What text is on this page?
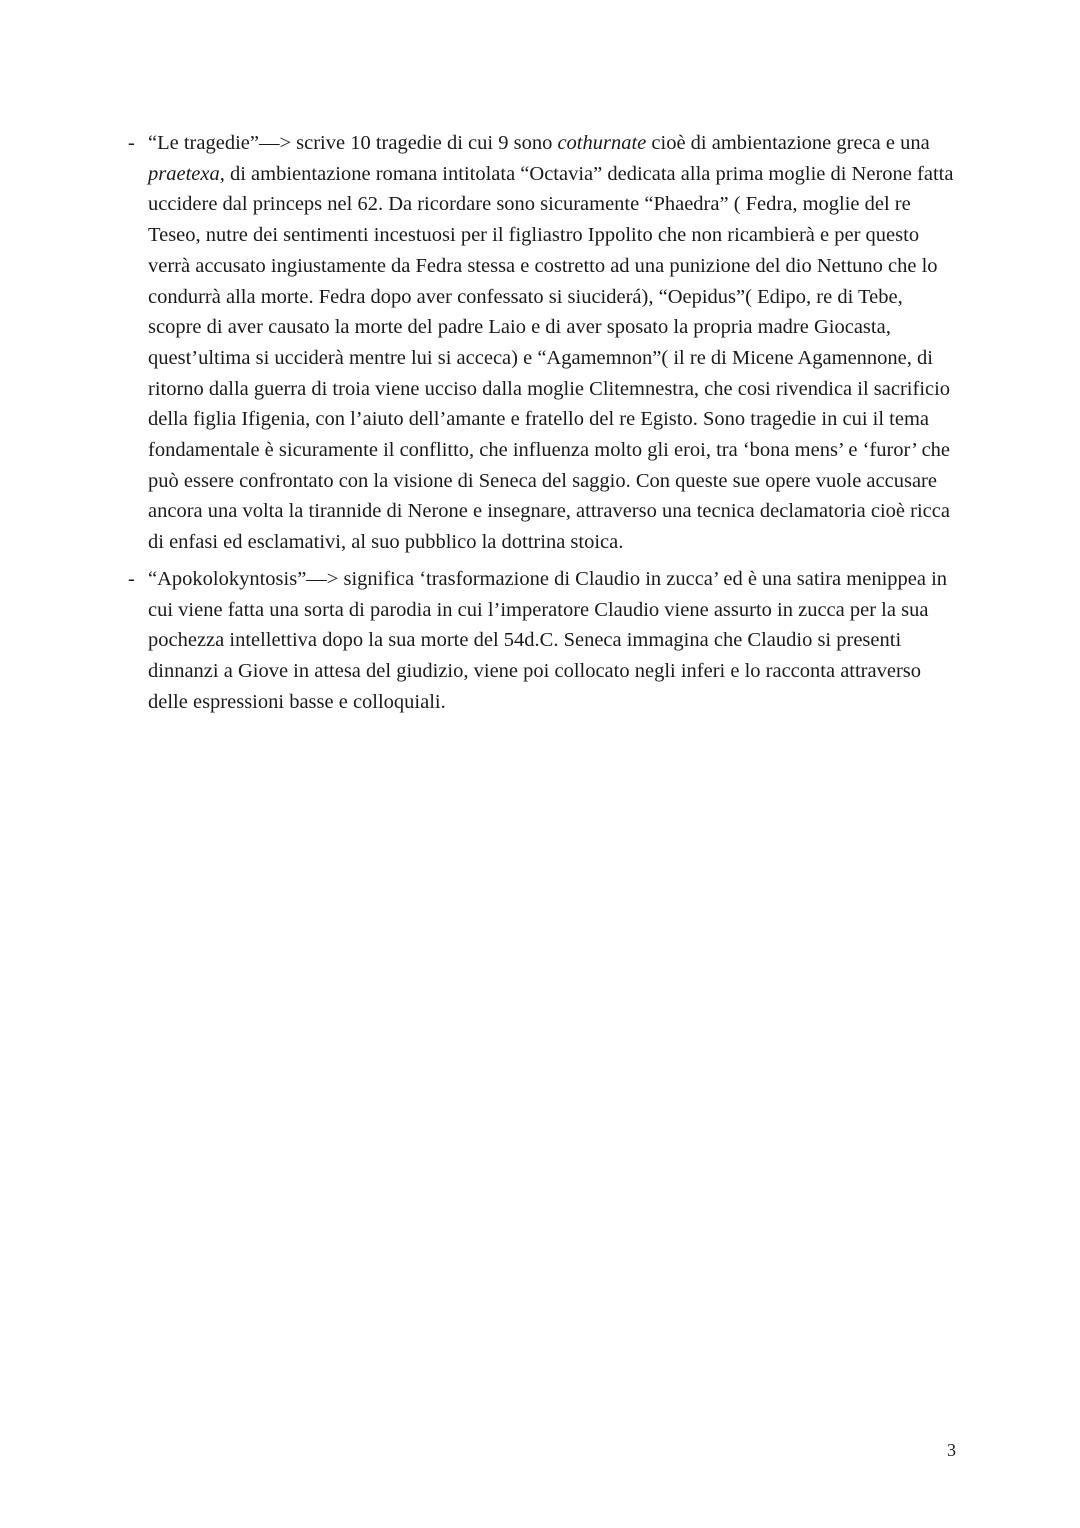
- “Le tragedie”—> scrive 10 tragedie di cui 9 sono cothurnate cioè di ambientazione greca e una praetexa, di ambientazione romana intitolata “Octavia” dedicata alla prima moglie di Nerone fatta uccidere dal princeps nel 62. Da ricordare sono sicuramente “Phaedra” ( Fedra, moglie del re Teseo, nutre dei sentimenti incestuosi per il figliastro Ippolito che non ricambierà e per questo verrà accusato ingiustamente da Fedra stessa e costretto ad una punizione del dio Nettuno che lo condurrà alla morte. Fedra dopo aver confessato si siuciderá), “Oepidus”( Edipo, re di Tebe, scopre di aver causato la morte del padre Laio e di aver sposato la propria madre Giocasta, quest’ultima si ucciderà mentre lui si acceca) e “Agamemnon”( il re di Micene Agamennone, di ritorno dalla guerra di troia viene ucciso dalla moglie Clitemnestra, che cosi rivendica il sacrificio della figlia Ifigenia, con l’aiuto dell’amante e fratello del re Egisto. Sono tragedie in cui il tema fondamentale è sicuramente il conflitto, che influenza molto gli eroi, tra ‘bona mens’ e ‘furor’ che può essere confrontato con la visione di Seneca del saggio. Con queste sue opere vuole accusare ancora una volta la tirannide di Nerone e insegnare, attraverso una tecnica declamatoria cioè ricca di enfasi ed esclamativi, al suo pubblico la dottrina stoica.
- “Apokolokyntosis”—> significa ‘trasformazione di Claudio in zucca’ ed è una satira menippea in cui viene fatta una sorta di parodia in cui l’imperatore Claudio viene assurto in zucca per la sua pochezza intellettiva dopo la sua morte del 54d.C. Seneca immagina che Claudio si presenti dinnanzi a Giove in attesa del giudizio, viene poi collocato negli inferi e lo racconta attraverso delle espressioni basse e colloquiali.
3
